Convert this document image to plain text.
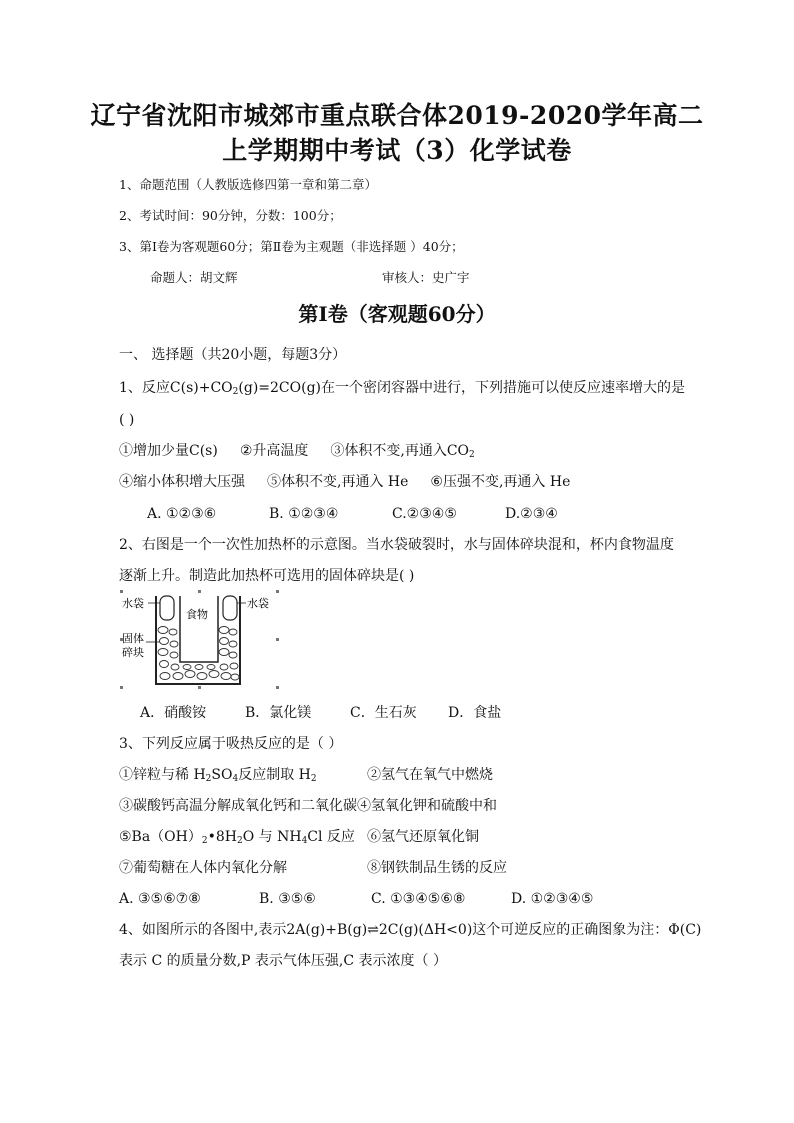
辽宁省沈阳市城郊市重点联合体2019-2020学年高二
上学期期中考试（3）化学试卷
1、命题范围（人教版选修四第一章和第二章）
2、考试时间：90分钟，分数：100分；
3、第Ⅰ卷为客观题60分；第Ⅱ卷为主观题（非选择题 ）40分；
命题人：胡文辉	审核人：史广宇
第Ⅰ卷（客观题60分）
一、 选择题（共20小题，每题3分）
1、反应$C(s)+CO_2(g)=2CO(g)$在一个密闭容器中进行，下列措施可以使反应速率增大的是
( )
①增加少量C(s) ②升高温度 ③体积不变,再通入$CO_2$
④缩小体积增大压强 ⑤体积不变,再通入 He ⑥压强不变,再通入 He
A. ①②③⑥	B. ①②③④	C.②③④⑤	D.②③④
2、右图是一个一次性加热杯的示意图。当水袋破裂时，水与固体碎块混和，杯内食物温度
逐渐上升。制造此加热杯可选用的固体碎块是( )
水袋	水袋
食物
固体
碎块
A．硝酸铵	B．氯化镁	C．生石灰 D．食盐
3、下列反应属于吸热反应的是（ ）
①锌粒与稀 $H_2SO_4$反应制取 $H_2$	②氢气在氧气中燃烧
③碳酸钙高温分解成氧化钙和二氧化碳④氢氧化钾和硫酸中和
$⑤Ba(OH)_2•8H_2O$ 与 $NH_4Cl$ 反应 ⑥氢气还原氧化铜
⑦葡萄糖在人体内氧化分解	⑧钢铁制品生锈的反应
A. ③⑤⑥⑦⑧	B. ③⑤⑥	C. ①③④⑤⑥⑧	D. ①②③④⑤
4、如图所示的各图中,表示2A(g)+B(g)⇌2C(g)(ΔH<0)这个可逆反应的正确图象为注：Φ(C)
表示 C 的质量分数,P 表示气体压强,C 表示浓度（ ）
